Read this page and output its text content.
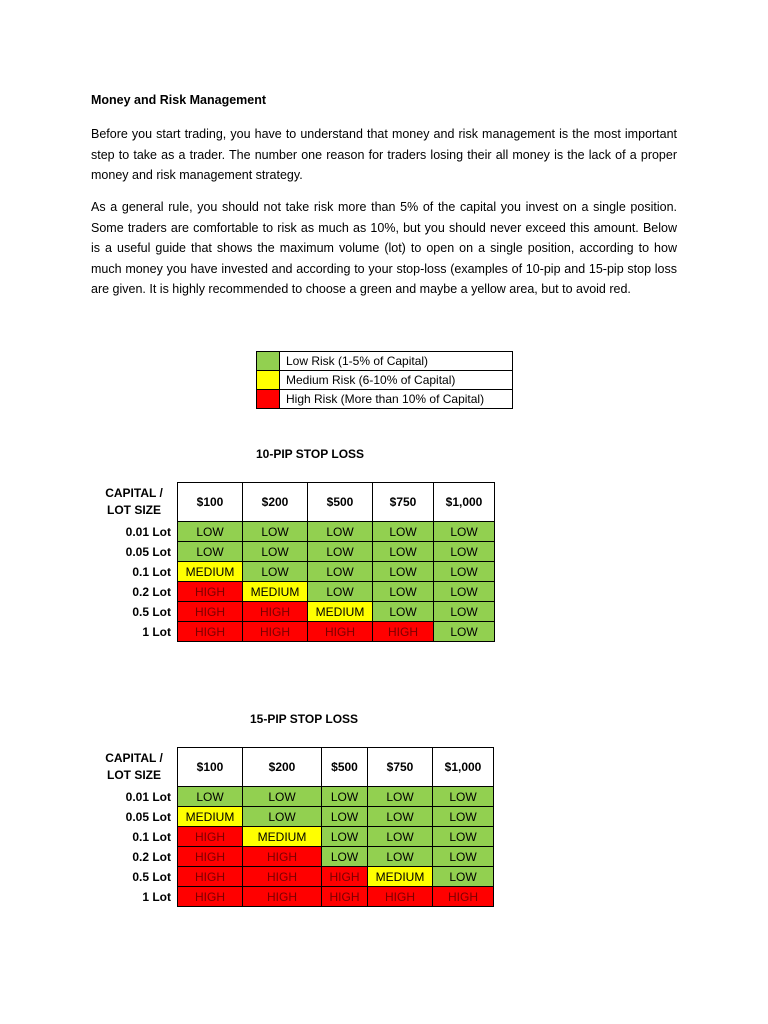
Money and Risk Management

Before you start trading, you have to understand that money and risk management is the most important step to take as a trader. The number one reason for traders losing their all money is the lack of a proper money and risk management strategy.

As a general rule, you should not take risk more than 5% of the capital you invest on a single position. Some traders are comfortable to risk as much as 10%, but you should never exceed this amount. Below is a useful guide that shows the maximum volume (lot) to open on a single position, according to how much money you have invested and according to your stop-loss (examples of 10-pip and 15-pip stop loss are given. It is highly recommended to choose a green and maybe a yellow area, but to avoid red.

	Low Risk (1-5% of Capital)
	Medium Risk (6-10% of Capital)
	High Risk (More than 10% of Capital)
10-PIP STOP LOSS
CAPITAL / LOT SIZE	$100	$200	$500	$750	$1,000
0.01 Lot	LOW	LOW	LOW	LOW	LOW
0.05 Lot	LOW	LOW	LOW	LOW	LOW
0.1 Lot	MEDIUM	LOW	LOW	LOW	LOW
0.2 Lot	HIGH	MEDIUM	LOW	LOW	LOW
0.5 Lot	HIGH	HIGH	MEDIUM	LOW	LOW
1 Lot	HIGH	HIGH	HIGH	HIGH	LOW
15-PIP STOP LOSS
CAPITAL / LOT SIZE	$100	$200	$500	$750	$1,000
0.01 Lot	LOW	LOW	LOW	LOW	LOW
0.05 Lot	MEDIUM	LOW	LOW	LOW	LOW
0.1 Lot	HIGH	MEDIUM	LOW	LOW	LOW
0.2 Lot	HIGH	HIGH	LOW	LOW	LOW
0.5 Lot	HIGH	HIGH	HIGH	MEDIUM	LOW
1 Lot	HIGH	HIGH	HIGH	HIGH	HIGH
